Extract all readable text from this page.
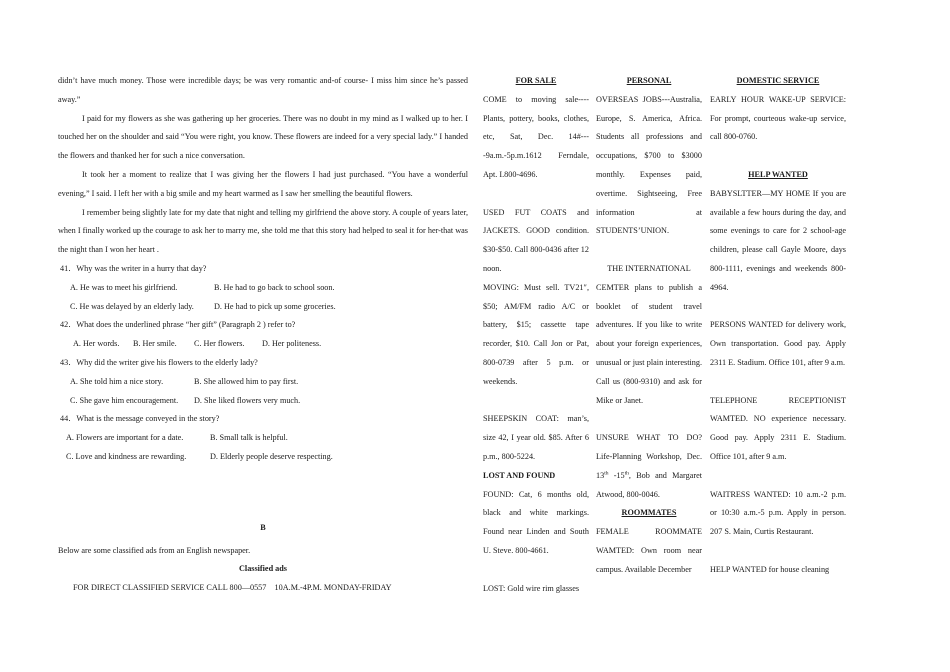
didn’t have much money. Those were incredible days; be was very romantic and-of course- I miss him since he’s passed away.”

I paid for my flowers as she was gathering up her groceries. There was no doubt in my mind as I walked up to her. I touched her on the shoulder and said “You were right, you know. These flowers are indeed for a very special lady.” I handed the flowers and thanked her for such a nice conversation.

It took her a moment to realize that I was giving her the flowers I had just purchased. “You have a wonderful evening,” I said. I left her with a big smile and my heart warmed as I saw her smelling the beautiful flowers.

I remember being slightly late for my date that night and telling my girlfriend the above story. A couple of years later, when I finally worked up the courage to ask her to marry me, she told me that this story had helped to seal it for her-that was the night than I won her heart .

41．Why was the writer in a hurry that day?
A. He was to meet his girlfriend.	B. He had to go back to school soon.
C. He was delayed by an elderly lady.	D. He had to pick up some groceries.
42．What does the underlined phrase “her gift” (Paragraph 2 ) refer to?
A. Her words.	B. Her smile.	C. Her flowers.	D. Her politeness.
43．Why did the writer give his flowers to the elderly lady?
A. She told him a nice story.	B. She allowed him to pay first.
C. She gave him encouragement.	D. She liked flowers very much.
44．What is the message conveyed in the story?
A. Flowers are important for a date.	B. Small talk is helpful.
C. Love and kindness are rewarding.	D. Elderly people deserve respecting.
B

Below are some classified ads from an English newspaper.

Classified ads
FOR DIRECT CLASSIFIED SERVICE CALL 800—0557    10A.M.-4P.M. MONDAY-FRIDAY
FOR SALE

COME to moving sale----Plants, pottery, books, clothes, etc, Sat, Dec. 14#----9a.m.-5p.m.1612 Ferndale, Apt. I.800-4696.

USED FUT COATS and JACKETS. GOOD condition. $30-$50. Call 800-0436 after 12 noon.

MOVING: Must sell. TV21″, $50; AM/FM radio A/C or battery, $15; cassette tape recorder, $10. Call Jon or Pat, 800-0739 after 5 p.m. or weekends.

SHEEPSKIN COAT: man’s, size 42, I year old. $85. After 6 p.m., 800-5224.

LOST AND FOUND

FOUND: Cat, 6 months old, black and white markings. Found near Linden and South U. Steve. 800-4661.

LOST: Gold wire rim glasses

PERSONAL

OVERSEAS JOBS---Australia, Europe, S. America, Africa. Students all professions and occupations, $700 to $3000 monthly. Expenses paid, overtime. Sightseeing, Free information at STUDENTS’UNION.

THE INTERNATIONAL

CEMTER plans to publish a booklet of student travel adventures. If you like to write about your foreign experiences, unusual or just plain interesting. Call us (800-9310) and ask for Mike or Janet.

UNSURE WHAT TO DO? Life-Planning Workshop, Dec. 13th -15th, Bob and Margaret Atwood, 800-0046.

ROOMMATES

FEMALE ROOMMATE WAMTED: Own room near campus. Available December

DOMESTIC SERVICE

EARLY HOUR WAKE-UP SERVICE: For prompt, courteous wake-up service, call 800-0760.

HELP WANTED

BABYSLTTER—MY HOME If you are available a few hours during the day, and some evenings to care for 2 school-age children, please call Gayle Moore, days 800-1111, evenings and weekends 800-4964.

PERSONS WANTED for delivery work, Own transportation. Good pay. Apply 2311 E. Stadium. Office 101, after 9 a.m.

TELEPHONE RECEPTIONIST WAMTED. NO experience necessary. Good pay. Apply 2311 E. Stadium. Office 101, after 9 a.m.

WAITRESS WANTED: 10 a.m.-2 p.m. or 10:30 a.m.-5 p.m. Apply in person. 207 S. Main, Curtis Restaurant.

HELP WANTED for house cleaning
